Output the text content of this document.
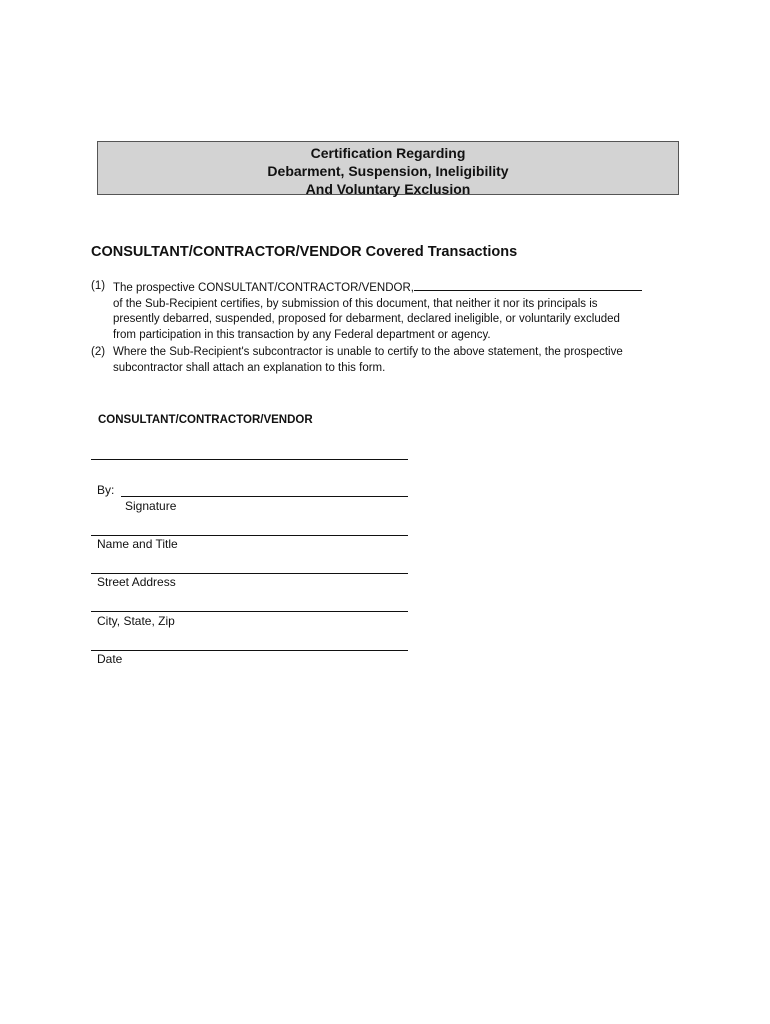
Certification Regarding
Debarment, Suspension, Ineligibility
And Voluntary Exclusion
CONSULTANT/CONTRACTOR/VENDOR Covered Transactions
(1) The prospective CONSULTANT/CONTRACTOR/VENDOR,
of the Sub-Recipient certifies, by submission of this document, that neither it nor its principals is
presently debarred, suspended, proposed for debarment, declared ineligible, or voluntarily excluded
from participation in this transaction by any Federal department or agency.
(2) Where the Sub-Recipient's subcontractor is unable to certify to the above statement, the prospective
subcontractor shall attach an explanation to this form.
CONSULTANT/CONTRACTOR/VENDOR
By:
Signature
Name and Title
Street Address
City, State, Zip
Date
